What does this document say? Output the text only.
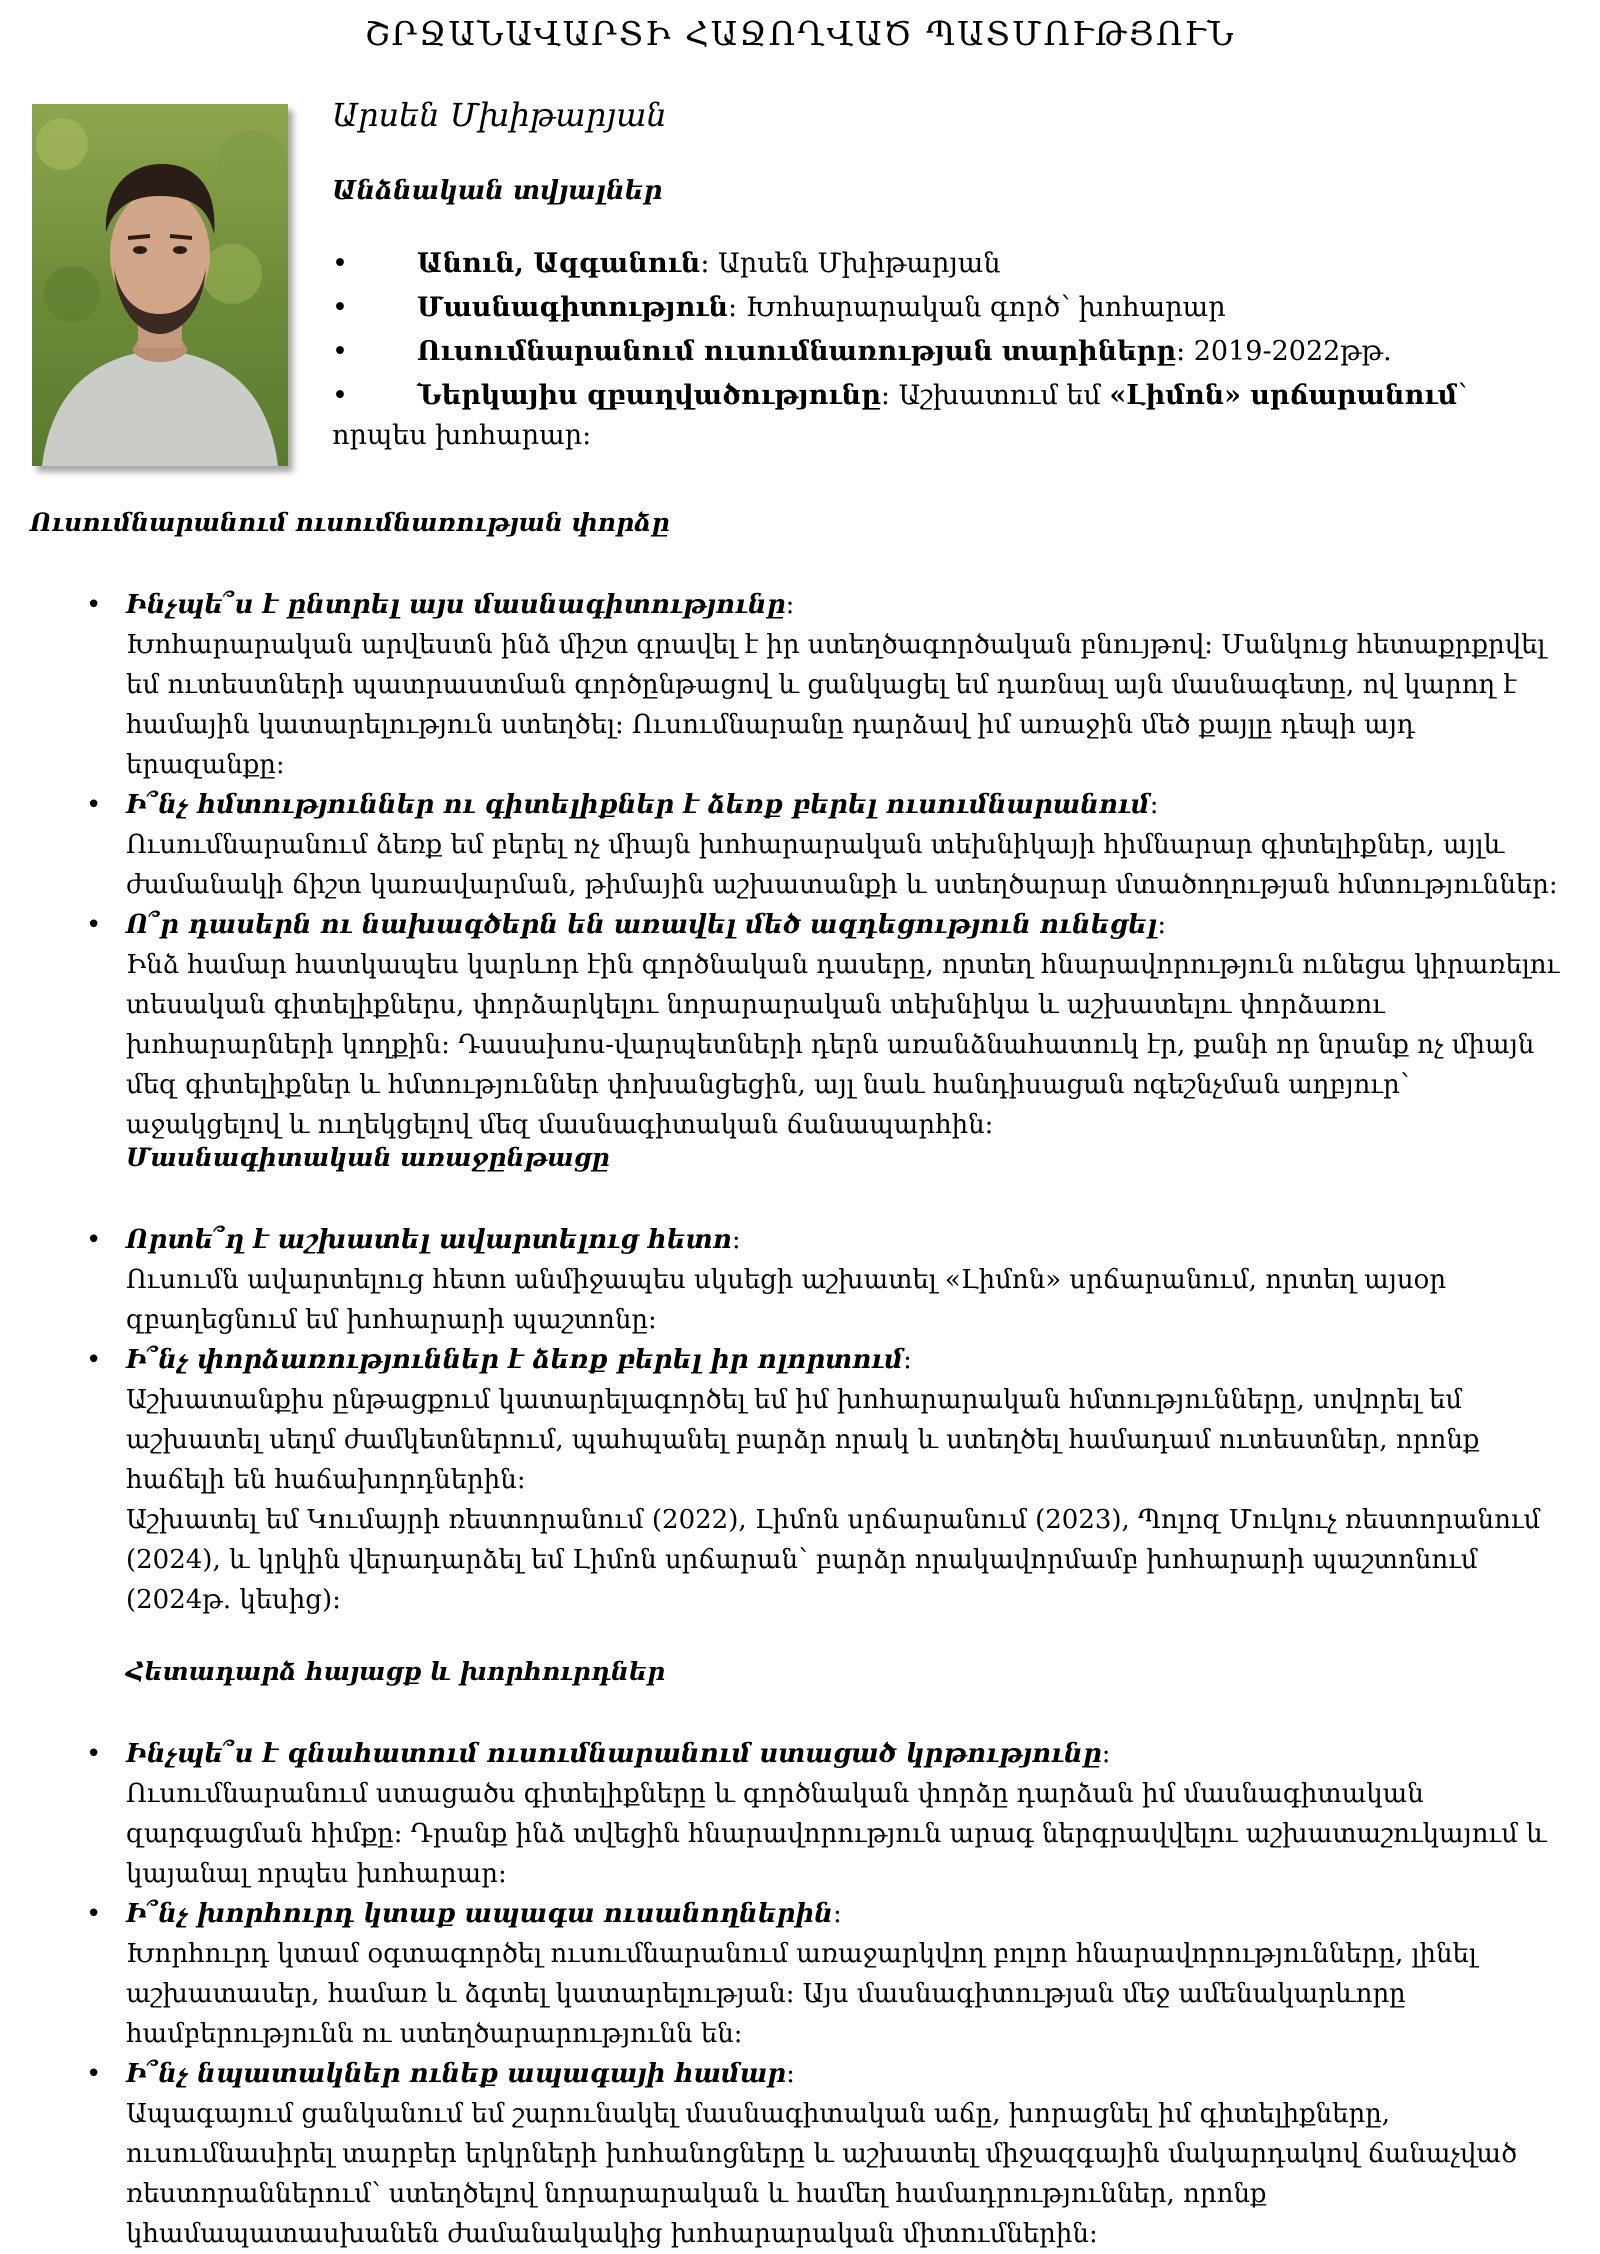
ՇՐՋԱՆԱՎԱՐՏԻ ՀԱՋՈՂՎԱԾ ՊԱՏՄՈՒԹՅՈՒՆ
Արսեն Մխիթարյան
Անձնական տվյալներ
•	Անուն, Ազգանուն: Արսեն Մխիթարյան
•	Մասնագիտություն: Խոհարարական գործ՝ խոհարար
•	Ուսումնարանում ուսումնառության տարիները: 2019-2022թթ.
•	Ներկայիս զբաղվածությունը: Աշխատում եմ «Լիմոն» սրճարանում՝ որպես խոհարար:
Ուսումնարանում ուսումնառության փորձը
• Ինչպե՞ս է ընտրել այս մասնագիտությունը:
Խոհարարական արվեստն ինձ միշտ գրավել է իր ստեղծագործական բնույթով: Մանկուց հետաքրքրվել եմ ուտեստների պատրաստման գործընթացով և ցանկացել եմ դառնալ այն մասնագետը, ով կարող է համային կատարելություն ստեղծել: Ուսումնարանը դարձավ իմ առաջին մեծ քայլը դեպի այդ երազանքը:
• Ի՞նչ հմտություններ ու գիտելիքներ է ձեռք բերել ուսումնարանում:
Ուսումնարանում ձեռք եմ բերել ոչ միայն խոհարարական տեխնիկայի հիմնարար գիտելիքներ, այլև ժամանակի ճիշտ կառավարման, թիմային աշխատանքի և ստեղծարար մտածողության հմտություններ:
• Ո՞ր դասերն ու նախագծերն են առավել մեծ ազդեցություն ունեցել:
Ինձ համար հատկապես կարևոր էին գործնական դասերը, որտեղ հնարավորություն ունեցա կիրառելու տեսական գիտելիքներս, փորձարկելու նորարարական տեխնիկա և աշխատելու փորձառու խոհարարների կողքին: Դասախոս-վարպետների դերն առանձնահատուկ էր, քանի որ նրանք ոչ միայն մեզ գիտելիքներ և հմտություններ փոխանցեցին, այլ նաև հանդիսացան ոգեշնչման աղբյուր՝ աջակցելով և ուղեկցելով մեզ մասնագիտական ճանապարհին:
Մասնագիտական առաջընթացը
• Որտե՞ղ է աշխատել ավարտելուց հետո:
Ուսումն ավարտելուց հետո անմիջապես սկսեցի աշխատել «Լիմոն» սրճարանում, որտեղ այսօր զբաղեցնում եմ խոհարարի պաշտոնը:
• Ի՞նչ փորձառություններ է ձեռք բերել իր ոլորտում:
Աշխատանքիս ընթացքում կատարելագործել եմ իմ խոհարարական հմտությունները, սովորել եմ աշխատել սեղմ ժամկետներում, պահպանել բարձր որակ և ստեղծել համադամ ուտեստներ, որոնք հաճելի են հաճախորդներին:
Աշխատել եմ Կումայրի ռեստորանում (2022), Լիմոն սրճարանում (2023), Պոլոզ Մուկուչ ռեստորանում (2024), և կրկին վերադարձել եմ Լիմոն սրճարան՝ բարձր որակավորմամբ խոհարարի պաշտոնում (2024թ. կեսից):
Հետադարձ հայացք և խորհուրդներ
• Ինչպե՞ս է գնահատում ուսումնարանում ստացած կրթությունը:
Ուսումնարանում ստացածս գիտելիքները և գործնական փորձը դարձան իմ մասնագիտական զարգացման հիմքը: Դրանք ինձ տվեցին հնարավորություն արագ ներգրավվելու աշխատաշուկայում և կայանալ որպես խոհարար:
• Ի՞նչ խորհուրդ կտաք ապագա ուսանողներին:
Խորհուրդ կտամ օգտագործել ուսումնարանում առաջարկվող բոլոր հնարավորությունները, լինել աշխատասեր, համառ և ձգտել կատարելության: Այս մասնագիտության մեջ ամենակարևորը համբերությունն ու ստեղծարարությունն են:
• Ի՞նչ նպատակներ ունեք ապագայի համար:
Ապագայում ցանկանում եմ շարունակել մասնագիտական աճը, խորացնել իմ գիտելիքները, ուսումնասիրել տարբեր երկրների խոհանոցները և աշխատել միջազգային մակարդակով ճանաչված ռեստորաններում՝ ստեղծելով նորարարական և համեղ համադրություններ, որոնք կհամապատասխանեն ժամանակակից խոհարարական միտումներին:
